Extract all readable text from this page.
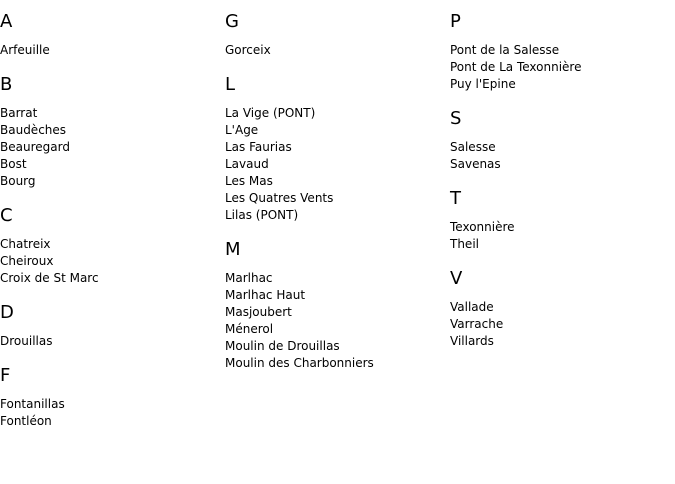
A
Arfeuille
B
Barrat
Baudèches
Beauregard
Bost
Bourg
C
Chatreix
Cheiroux
Croix de St Marc
D
Drouillas
F
Fontanillas
Fontléon
G
Gorceix
L
La Vige (PONT)
L'Age
Las Faurias
Lavaud
Les Mas
Les Quatres Vents
Lilas (PONT)
M
Marlhac
Marlhac Haut
Masjoubert
Ménerol
Moulin de Drouillas
Moulin des Charbonniers
P
Pont de la Salesse
Pont de La Texonnière
Puy l'Epine
S
Salesse
Savenas
T
Texonnière
Theil
V
Vallade
Varrache
Villards
